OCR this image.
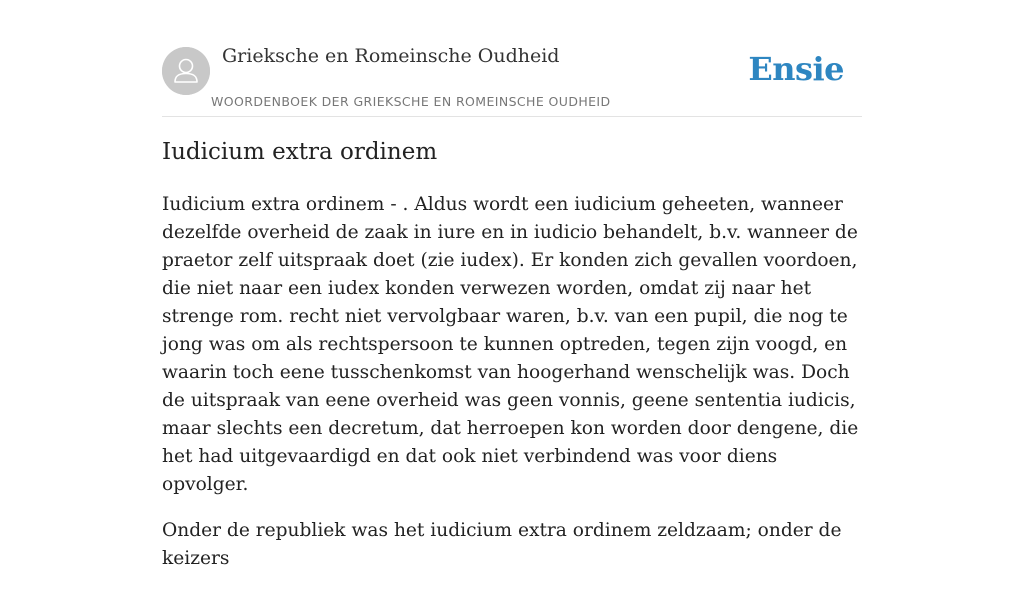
Grieksche en Romeinsche Oudheid
WOORDENBOEK DER GRIEKSCHE EN ROMEINSCHE OUDHEID
Ensie
Iudicium extra ordinem

Iudicium extra ordinem - . Aldus wordt een iudicium geheeten, wanneer dezelfde overheid de zaak in iure en in iudicio behandelt, b.v. wanneer de praetor zelf uitspraak doet (zie iudex). Er konden zich gevallen voordoen, die niet naar een iudex konden verwezen worden, omdat zij naar het strenge rom. recht niet vervolgbaar waren, b.v. van een pupil, die nog te jong was om als rechtspersoon te kunnen optreden, tegen zijn voogd, en waarin toch eene tusschenkomst van hoogerhand wenschelijk was. Doch de uitspraak van eene overheid was geen vonnis, geene sententia iudicis, maar slechts een decretum, dat herroepen kon worden door dengene, die het had uitgevaardigd en dat ook niet verbindend was voor diens opvolger.

Onder de republiek was het iudicium extra ordinem zeldzaam; onder de keizers
